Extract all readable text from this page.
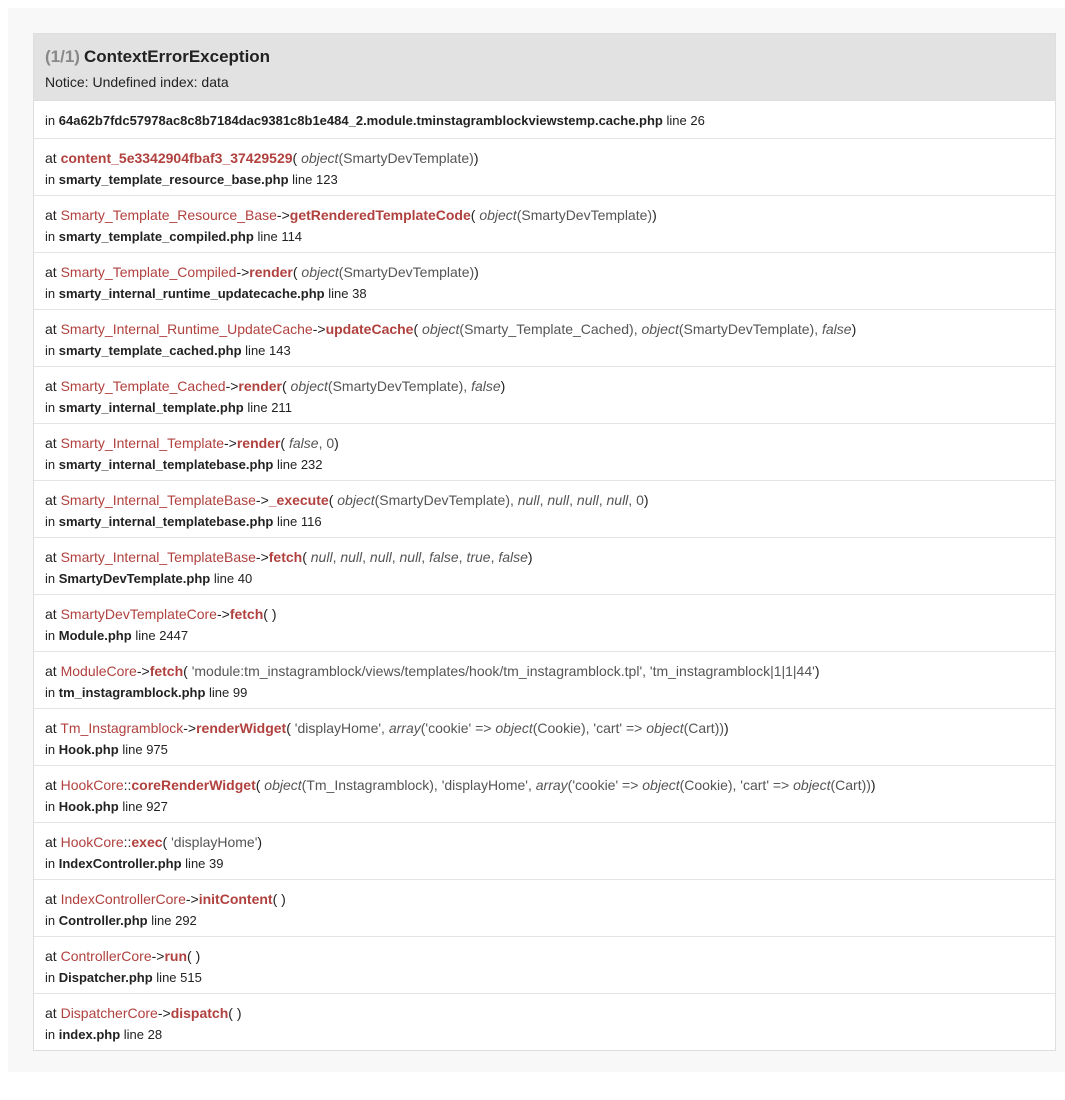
(1/1) ContextErrorException
Notice: Undefined index: data
in 64a62b7fdc57978ac8c8b7184dac9381c8b1e484_2.module.tminstagramblockviewstemp.cache.php line 26
at content_5e3342904fbaf3_37429529( object(SmartyDevTemplate))
in smarty_template_resource_base.php line 123
at Smarty_Template_Resource_Base->getRenderedTemplateCode( object(SmartyDevTemplate))
in smarty_template_compiled.php line 114
at Smarty_Template_Compiled->render( object(SmartyDevTemplate))
in smarty_internal_runtime_updatecache.php line 38
at Smarty_Internal_Runtime_UpdateCache->updateCache( object(Smarty_Template_Cached), object(SmartyDevTemplate), false)
in smarty_template_cached.php line 143
at Smarty_Template_Cached->render( object(SmartyDevTemplate), false)
in smarty_internal_template.php line 211
at Smarty_Internal_Template->render( false, 0)
in smarty_internal_templatebase.php line 232
at Smarty_Internal_TemplateBase->_execute( object(SmartyDevTemplate), null, null, null, null, 0)
in smarty_internal_templatebase.php line 116
at Smarty_Internal_TemplateBase->fetch( null, null, null, null, false, true, false)
in SmartyDevTemplate.php line 40
at SmartyDevTemplateCore->fetch( )
in Module.php line 2447
at ModuleCore->fetch( 'module:tm_instagramblock/views/templates/hook/tm_instagramblock.tpl', 'tm_instagramblock|1|1|44')
in tm_instagramblock.php line 99
at Tm_Instagramblock->renderWidget( 'displayHome', array('cookie' => object(Cookie), 'cart' => object(Cart)))
in Hook.php line 975
at HookCore::coreRenderWidget( object(Tm_Instagramblock), 'displayHome', array('cookie' => object(Cookie), 'cart' => object(Cart)))
in Hook.php line 927
at HookCore::exec( 'displayHome')
in IndexController.php line 39
at IndexControllerCore->initContent( )
in Controller.php line 292
at ControllerCore->run( )
in Dispatcher.php line 515
at DispatcherCore->dispatch( )
in index.php line 28
